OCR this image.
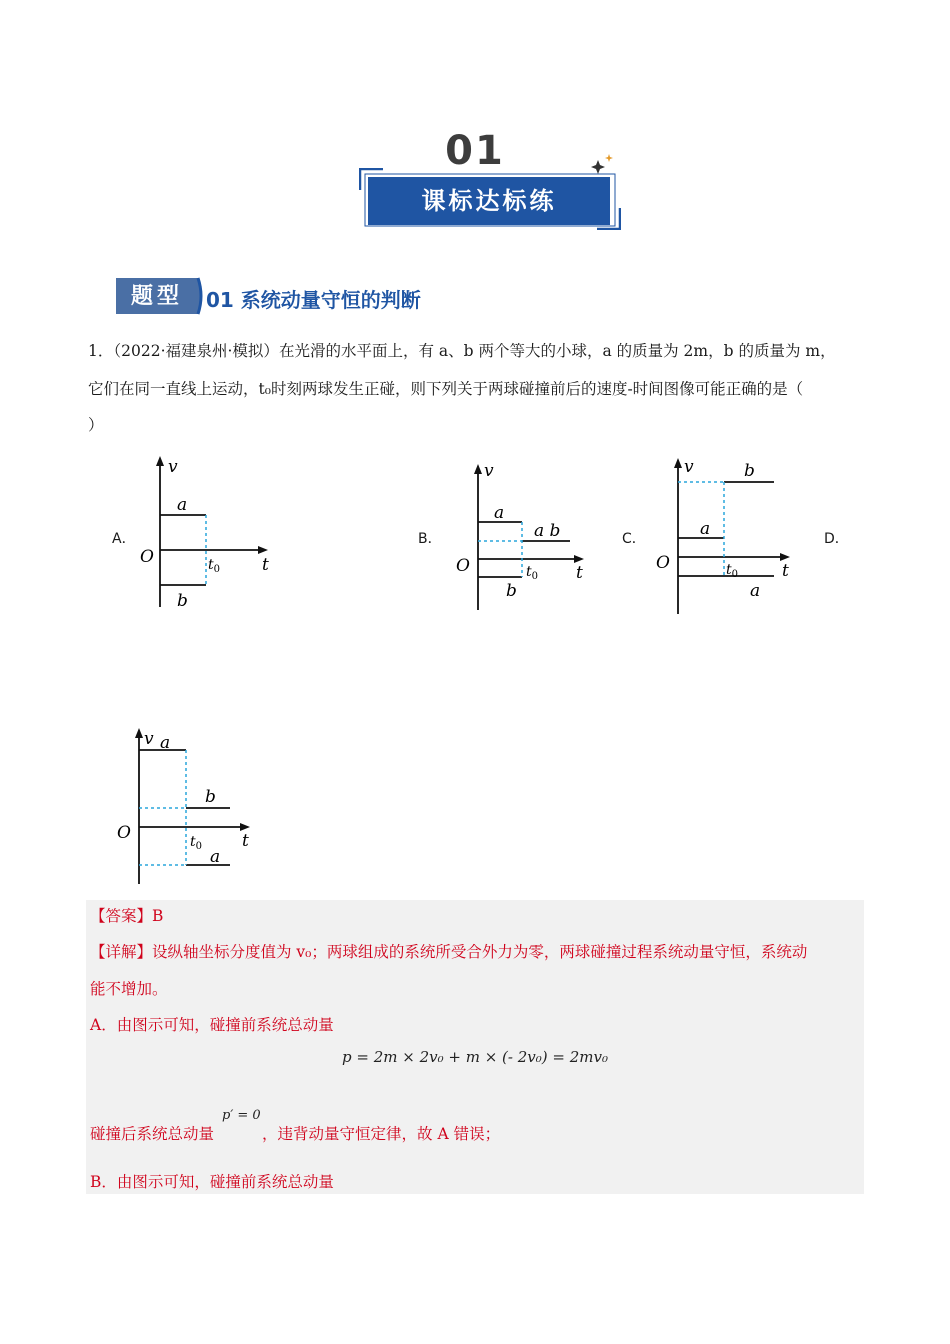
01
课标达标练
题型	01 系统动量守恒的判断
1．（2022·福建泉州·模拟）在光滑的水平面上，有 a、b 两个等大的小球，a 的质量为 2m，b 的质量为 m，
它们在同一直线上运动，t₀时刻两球发生正碰，则下列关于两球碰撞前后的速度-时间图像可能正确的是（
）
A．	B．	C．	D．
v
t
O	$t_0$
a
b
v
t
O	$t_0$
a
a b
b
v
t
O	$t_0$
b
a
a
v
t
O	$t_0$
a
b
a
【答案】B
【详解】设纵轴坐标分度值为 v₀；两球组成的系统所受合外力为零，两球碰撞过程系统动量守恒，系统动
能不增加。
A．由图示可知，碰撞前系统总动量
p = 2m × 2v₀ + m × (- 2v₀) = 2mv₀
p′ = 0
碰撞后系统总动量	，违背动量守恒定律，故 A 错误；
B．由图示可知，碰撞前系统总动量
